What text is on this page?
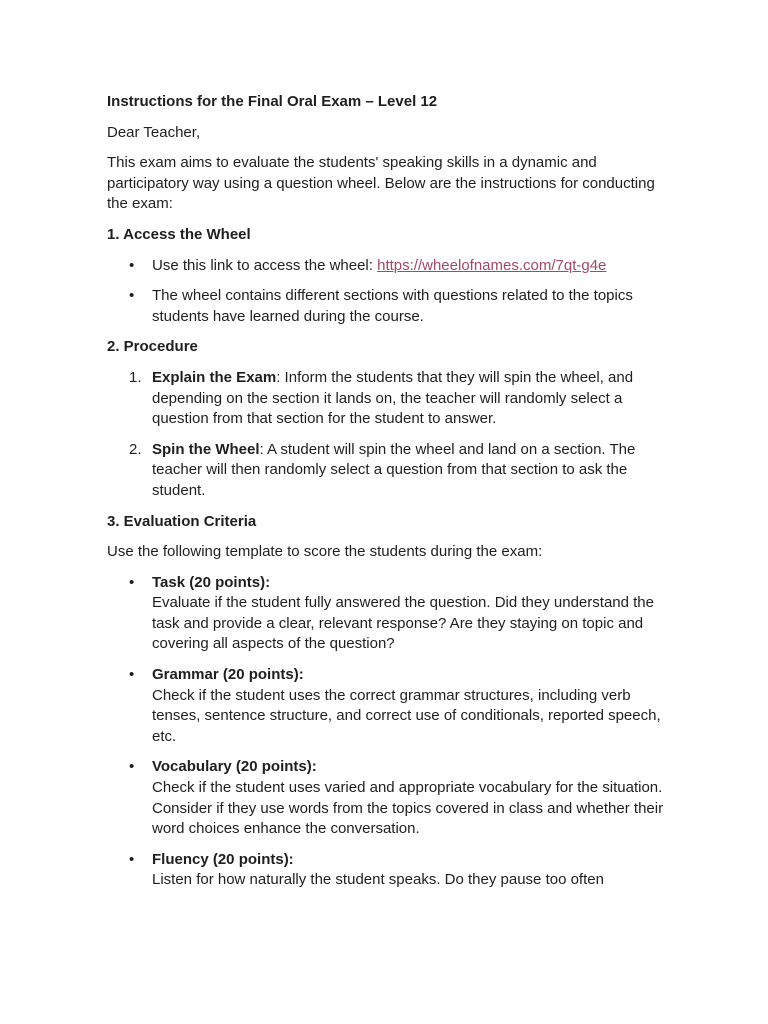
Instructions for the Final Oral Exam – Level 12

Dear Teacher,

This exam aims to evaluate the students' speaking skills in a dynamic and participatory way using a question wheel. Below are the instructions for conducting the exam:

1. Access the Wheel

• Use this link to access the wheel: https://wheelofnames.com/7qt-g4e
• The wheel contains different sections with questions related to the topics students have learned during the course.

2. Procedure

1. Explain the Exam: Inform the students that they will spin the wheel, and depending on the section it lands on, the teacher will randomly select a question from that section for the student to answer.
2. Spin the Wheel: A student will spin the wheel and land on a section. The teacher will then randomly select a question from that section to ask the student.

3. Evaluation Criteria

Use the following template to score the students during the exam:

• Task (20 points):
Evaluate if the student fully answered the question. Did they understand the task and provide a clear, relevant response? Are they staying on topic and covering all aspects of the question?
• Grammar (20 points):
Check if the student uses the correct grammar structures, including verb tenses, sentence structure, and correct use of conditionals, reported speech, etc.
• Vocabulary (20 points):
Check if the student uses varied and appropriate vocabulary for the situation. Consider if they use words from the topics covered in class and whether their word choices enhance the conversation.
• Fluency (20 points):
Listen for how naturally the student speaks. Do they pause too often
